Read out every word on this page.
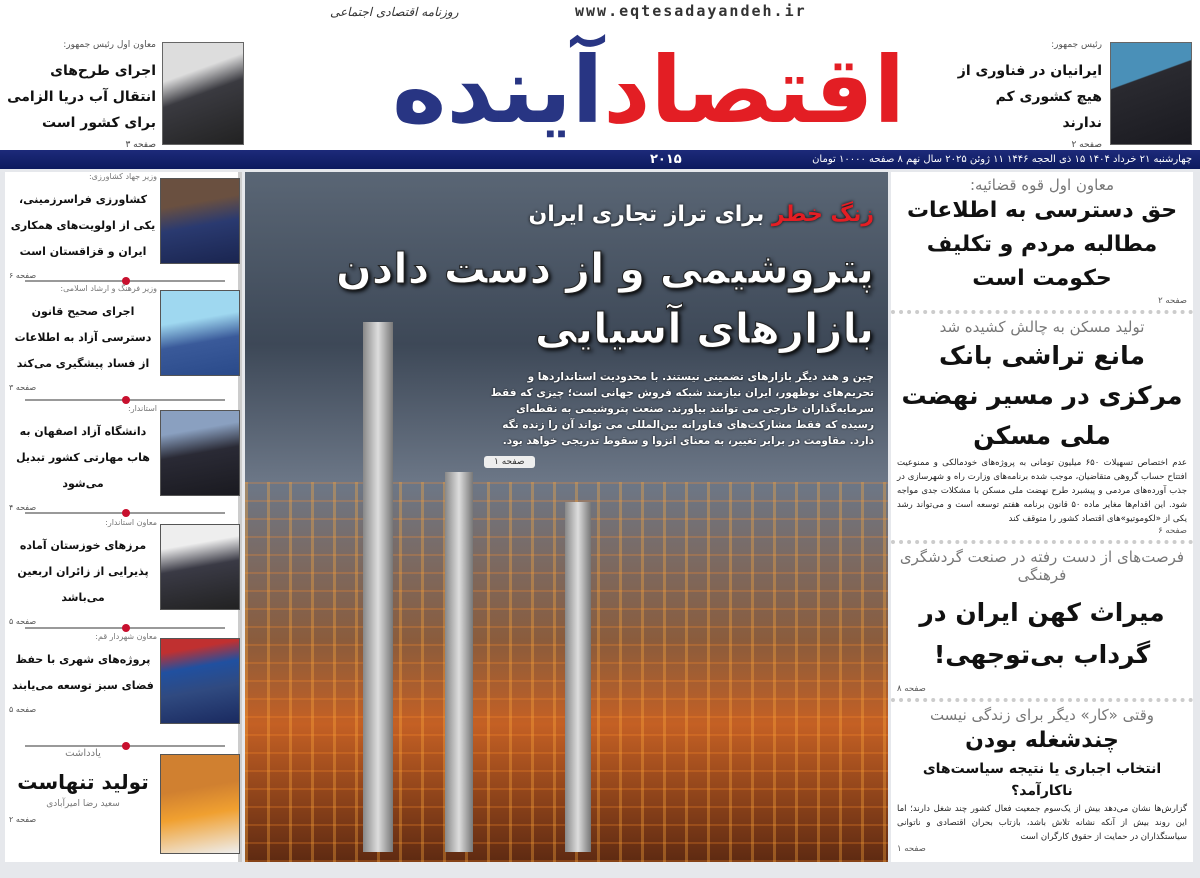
روزنامه اقتصادی اجتماعی	www.eqtesadayandeh.ir
اقتصاد
آینده	رئیس جمهور:
ایرانیان در فناوری از هیچ کشوری کم ندارند
صفحه ۲
معاون اول رئیس جمهور:
اجرای طرح‌های انتقال آب دریا الزامی برای کشور است
صفحه ۳
چهارشنبه ۲۱ خرداد ۱۴۰۴ ۱۵ ذی الحجه ۱۴۴۶ ۱۱ ژوئن ۲۰۲۵ سال نهم ۸ صفحه ۱۰۰۰۰ تومان
۲۰۱۵
وزیر جهاد کشاورزی:
کشاورزی فراسرزمینی، یکی از اولویت‌های همکاری ایران و قزاقستان است
صفحه ۶
وزیر فرهنگ و ارشاد اسلامی:
اجرای صحیح قانون دسترسی آزاد به اطلاعات از فساد پیشگیری می‌کند
صفحه ۳
استاندار:
دانشگاه آزاد اصفهان به هاب مهارتی کشور تبدیل می‌شود
صفحه ۴
معاون استاندار:
مرزهای خوزستان آماده پذیرایی از زائران اربعین می‌باشد
صفحه ۵
معاون شهردار قم:
پروژه‌های شهری با حفظ فضای سبز توسعه می‌یابند
صفحه ۵
یادداشت
تولید تنهاست
سعید رضا امیرآبادی
صفحه ۲
زنگ خطر برای تراز تجاری ایران
پتروشیمی و از دست دادن بازارهای آسیایی
چین و هند دیگر بازارهای تضمینی نیستند. با محدودیت استانداردها و تحریم‌های نوظهور، ایران نیازمند شبکه فروش جهانی است؛ چیزی که فقط سرمایه‌گذاران خارجی می توانند بیاورند. صنعت پتروشیمی به نقطه‌ای رسیده که فقط مشارکت‌های فناورانه بین‌المللی می تواند آن را زنده نگه دارد. مقاومت در برابر تغییر، به معنای انزوا و سقوط تدریجی خواهد بود.
صفحه ۱
معاون اول قوه قضائیه:
حق دسترسی به اطلاعات مطالبه مردم و تکلیف حکومت است
صفحه ۲
تولید مسکن به چالش کشیده شد
مانع تراشی بانک مرکزی در مسیر نهضت ملی مسکن
عدم اختصاص تسهیلات ۶۵۰ میلیون تومانی به پروژه‌های خودمالکی و ممنوعیت افتتاح حساب گروهی متقاضیان، موجب شده برنامه‌های وزارت راه و شهرسازی در جذب آورده‌های مردمی و پیشبرد طرح نهضت ملی مسکن با مشکلات جدی مواجه شود. این اقدام‌ها مغایر ماده ۵۰ قانون برنامه هفتم توسعه است و می‌تواند رشد یکی از «لکوموتیو»های اقتصاد کشور را متوقف کند
صفحه ۶
فرصت‌های از دست رفته در صنعت گردشگری فرهنگی
میراث کهن ایران در گرداب بی‌توجهی!
صفحه ۸
وقتی «کار» دیگر برای زندگی نیست
چندشغله بودن
انتخاب اجباری یا نتیجه سیاست‌های ناکارآمد؟
گزارش‌ها نشان می‌دهد بیش از یک‌سوم جمعیت فعال کشور چند شغل دارند؛ اما این روند بیش از آنکه نشانه تلاش باشد، بازتاب بحران اقتصادی و ناتوانی سیاستگذاران در حمایت از حقوق کارگران است
صفحه ۱
